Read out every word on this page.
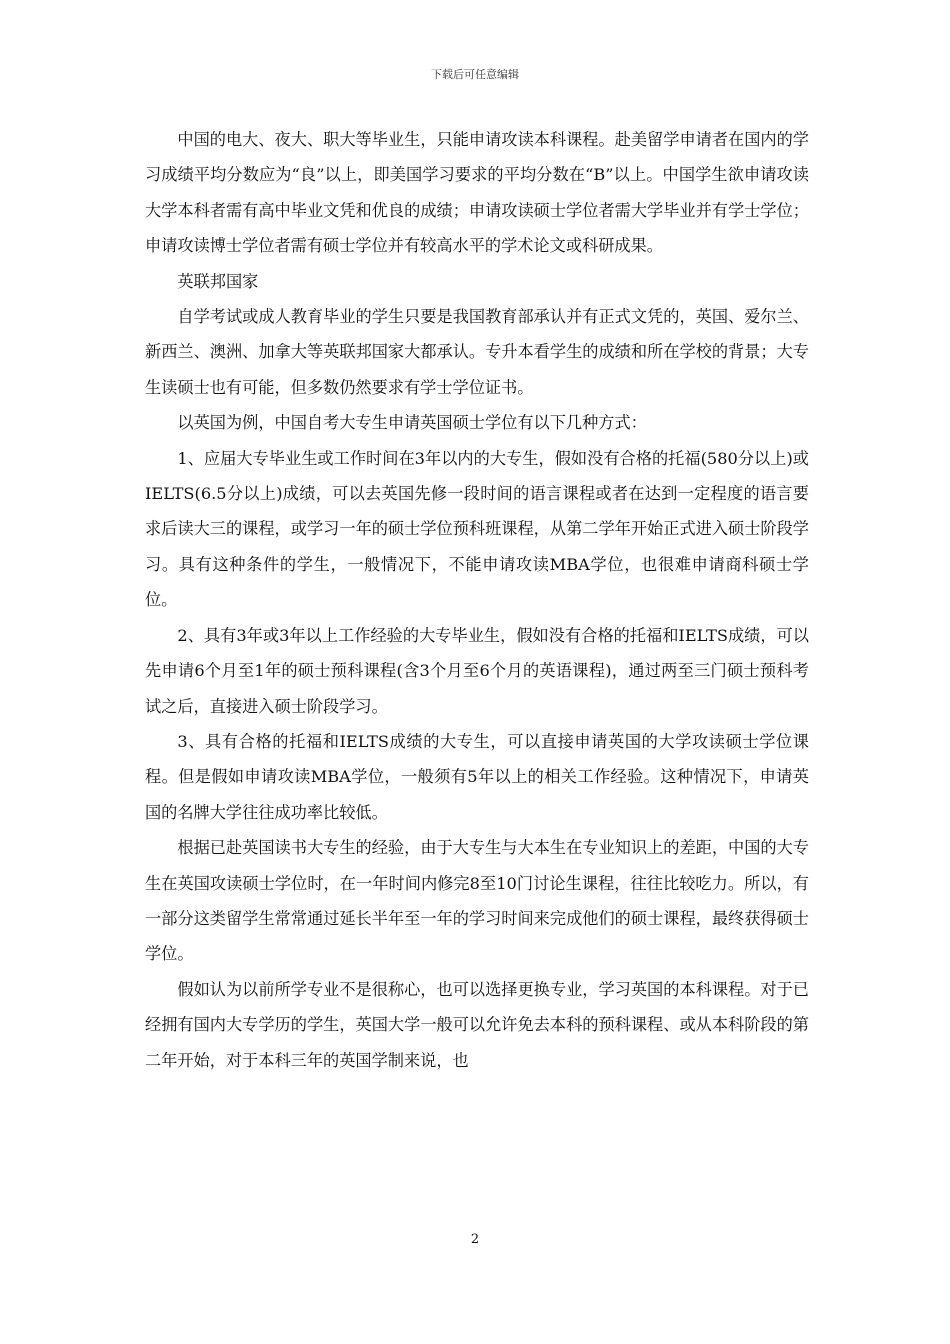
下载后可任意编辑

中国的电大、夜大、职大等毕业生，只能申请攻读本科课程。赴美留学申请者在国内的学习成绩平均分数应为“良”以上，即美国学习要求的平均分数在“B”以上。中国学生欲申请攻读大学本科者需有高中毕业文凭和优良的成绩；申请攻读硕士学位者需大学毕业并有学士学位；申请攻读博士学位者需有硕士学位并有较高水平的学术论文或科研成果。

英联邦国家

自学考试或成人教育毕业的学生只要是我国教育部承认并有正式文凭的，英国、爱尔兰、新西兰、澳洲、加拿大等英联邦国家大都承认。专升本看学生的成绩和所在学校的背景；大专生读硕士也有可能，但多数仍然要求有学士学位证书。

以英国为例，中国自考大专生申请英国硕士学位有以下几种方式：

1、应届大专毕业生或工作时间在3年以内的大专生，假如没有合格的托福(580分以上)或IELTS(6.5分以上)成绩，可以去英国先修一段时间的语言课程或者在达到一定程度的语言要求后读大三的课程，或学习一年的硕士学位预科班课程，从第二学年开始正式进入硕士阶段学习。具有这种条件的学生，一般情况下，不能申请攻读MBA学位，也很难申请商科硕士学位。

2、具有3年或3年以上工作经验的大专毕业生，假如没有合格的托福和IELTS成绩，可以先申请6个月至1年的硕士预科课程(含3个月至6个月的英语课程)，通过两至三门硕士预科考试之后，直接进入硕士阶段学习。

3、具有合格的托福和IELTS成绩的大专生，可以直接申请英国的大学攻读硕士学位课程。但是假如申请攻读MBA学位，一般须有5年以上的相关工作经验。这种情况下，申请英国的名牌大学往往成功率比较低。

根据已赴英国读书大专生的经验，由于大专生与大本生在专业知识上的差距，中国的大专生在英国攻读硕士学位时，在一年时间内修完8至10门讨论生课程，往往比较吃力。所以，有一部分这类留学生常常通过延长半年至一年的学习时间来完成他们的硕士课程，最终获得硕士学位。

假如认为以前所学专业不是很称心，也可以选择更换专业，学习英国的本科课程。对于已经拥有国内大专学历的学生，英国大学一般可以允许免去本科的预科课程、或从本科阶段的第二年开始，对于本科三年的英国学制来说，也

2
